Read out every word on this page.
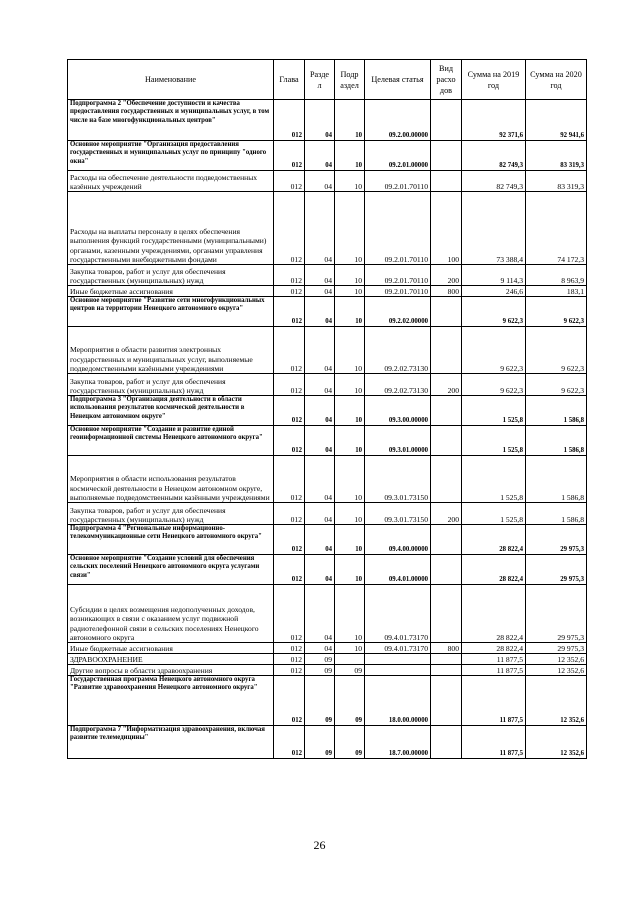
Наименование	Глава	Разде л	Подр аздел	Целевая статья	Вид расхо дов	Сумма на 2019 год	Сумма на 2020 год
Подпрограмма 2 "Обеспечение доступности и качества предоставления государственных и муниципальных услуг, в том числе на базе многофункциональных центров"	012	04	10	09.2.00.00000		92 371,6	92 941,6
Основное мероприятие "Организация предоставления государственных и муниципальных услуг по принципу "одного окна"	012	04	10	09.2.01.00000		82 749,3	83 319,3
Расходы на обеспечение деятельности подведомственных казённых учреждений	012	04	10	09.2.01.70110		82 749,3	83 319,3
Расходы на выплаты персоналу в целях обеспечения выполнения функций государственными (муниципальными) органами, казенными учреждениями, органами управления государственными внебюджетными фондами	012	04	10	09.2.01.70110	100	73 388,4	74 172,3
Закупка товаров, работ и услуг для обеспечения государственных (муниципальных) нужд	012	04	10	09.2.01.70110	200	9 114,3	8 963,9
Иные бюджетные ассигнования	012	04	10	09.2.01.70110	800	246,6	183,1
Основное мероприятие "Развитие сети многофункциональных центров на территории Ненецкого автономного округа"	012	04	10	09.2.02.00000		9 622,3	9 622,3
Мероприятия в области развития электронных государственных и муниципальных услуг, выполняемые подведомственными казёнными учреждениями	012	04	10	09.2.02.73130		9 622,3	9 622,3
Закупка товаров, работ и услуг для обеспечения государственных (муниципальных) нужд	012	04	10	09.2.02.73130	200	9 622,3	9 622,3
Подпрограмма 3 "Организация деятельности в области использования результатов космической деятельности в Ненецком автономном округе"	012	04	10	09.3.00.00000		1 525,8	1 586,8
Основное мероприятие "Создание и развитие единой геоинформационной системы Ненецкого автономного округа"	012	04	10	09.3.01.00000		1 525,8	1 586,8
Мероприятия в области использования результатов космической деятельности в Ненецком автономном округе, выполняемые подведомственными казёнными учреждениями	012	04	10	09.3.01.73150		1 525,8	1 586,8
Закупка товаров, работ и услуг для обеспечения государственных (муниципальных) нужд	012	04	10	09.3.01.73150	200	1 525,8	1 586,8
Подпрограмма 4 "Региональные информационно-телекоммуникационные сети Ненецкого автономного округа"	012	04	10	09.4.00.00000		28 822,4	29 975,3
Основное мероприятие "Создание условий для обеспечения сельских поселений Ненецкого автономного округа услугами связи"	012	04	10	09.4.01.00000		28 822,4	29 975,3
Субсидии в целях возмещения недополученных доходов, возникающих в связи с оказанием услуг подвижной радиотелефонной связи в сельских поселениях Ненецкого автономного округа	012	04	10	09.4.01.73170		28 822,4	29 975,3
Иные бюджетные ассигнования	012	04	10	09.4.01.73170	800	28 822,4	29 975,3
ЗДРАВООХРАНЕНИЕ	012	09				11 877,5	12 352,6
Другие вопросы в области здравоохранения	012	09	09			11 877,5	12 352,6
Государственная программа Ненецкого автономного округа "Развитие здравоохранения Ненецкого автономного округа"	012	09	09	18.0.00.00000		11 877,5	12 352,6
Подпрограмма 7 "Информатизация здравоохранения, включая развитие телемедицины"	012	09	09	18.7.00.00000		11 877,5	12 352,6
26
